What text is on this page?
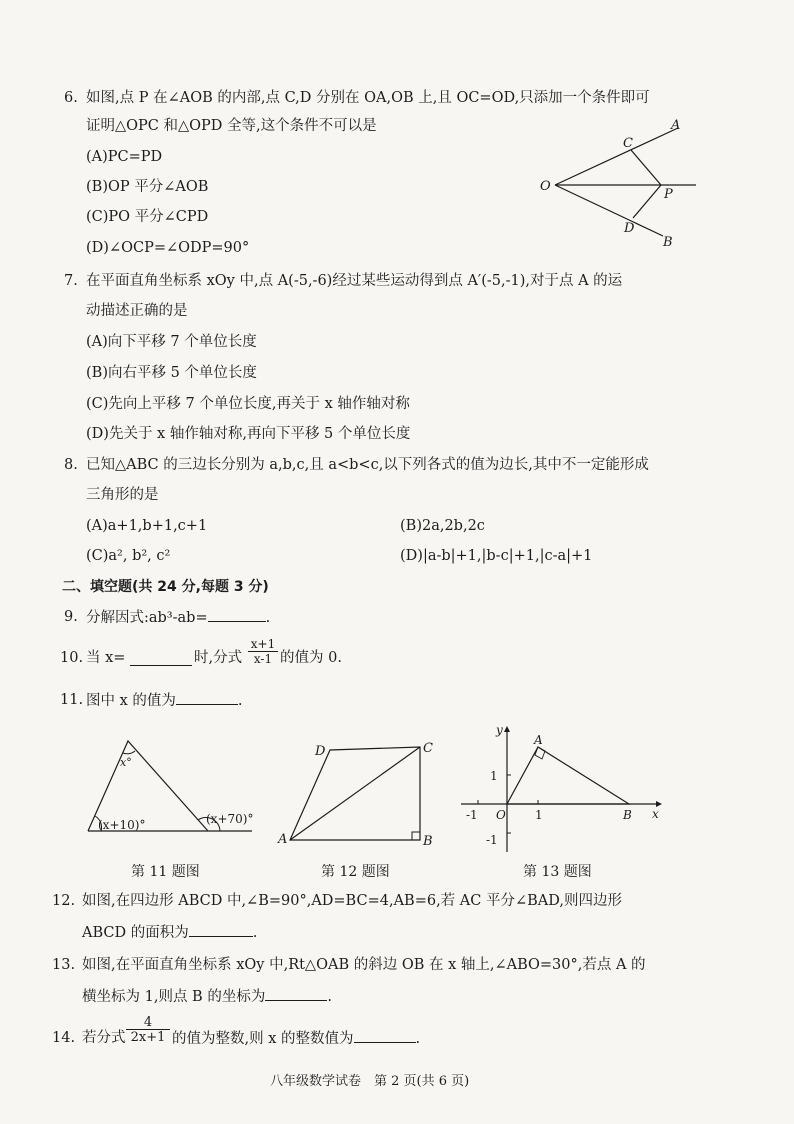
6. 如图,点 P 在∠AOB 的内部,点 C,D 分别在 OA,OB 上,且 OC=OD,只添加一个条件即可
证明△OPC 和△OPD 全等,这个条件不可以是
(A)PC=PD
(B)OP 平分∠AOB
(C)PO 平分∠CPD
(D)∠OCP=∠ODP=90°
O
A
B
C
D
P
7. 在平面直角坐标系 xOy 中,点 A(-5,-6)经过某些运动得到点 A′(-5,-1),对于点 A 的运
动描述正确的是
(A)向下平移 7 个单位长度
(B)向右平移 5 个单位长度
(C)先向上平移 7 个单位长度,再关于 x 轴作轴对称
(D)先关于 x 轴作轴对称,再向下平移 5 个单位长度
8. 已知△ABC 的三边长分别为 a,b,c,且 a<b<c,以下列各式的值为边长,其中不一定能形成
三角形的是
(A)a+1,b+1,c+1	(B)2a,2b,2c
(C)a², b², c²	(D)|a-b|+1,|b-c|+1,|c-a|+1
二、填空题(共 24 分,每题 3 分)
9. 分解因式:ab³-ab=	.
10. 当 x=	时,分式 $\frac{x+1}{x-1}$ 的值为 0.
11. 图中 x 的值为	.
x°
(x+10)°	(x+70)°
第 11 题图
A	B
C
D
第 12 题图
y
x
A
B
O
1
-1	1
-1
第 13 题图
12. 如图,在四边形 ABCD 中,∠B=90°,AD=BC=4,AB=6,若 AC 平分∠BAD,则四边形
ABCD 的面积为	.
13. 如图,在平面直角坐标系 xOy 中,Rt△OAB 的斜边 OB 在 x 轴上,∠ABO=30°,若点 A 的
横坐标为 1,则点 B 的坐标为	.
14. 若分式 $\frac{4}{2x+1}$ 的值为整数,则 x 的整数值为	.
八年级数学试卷　第 2 页(共 6 页)
